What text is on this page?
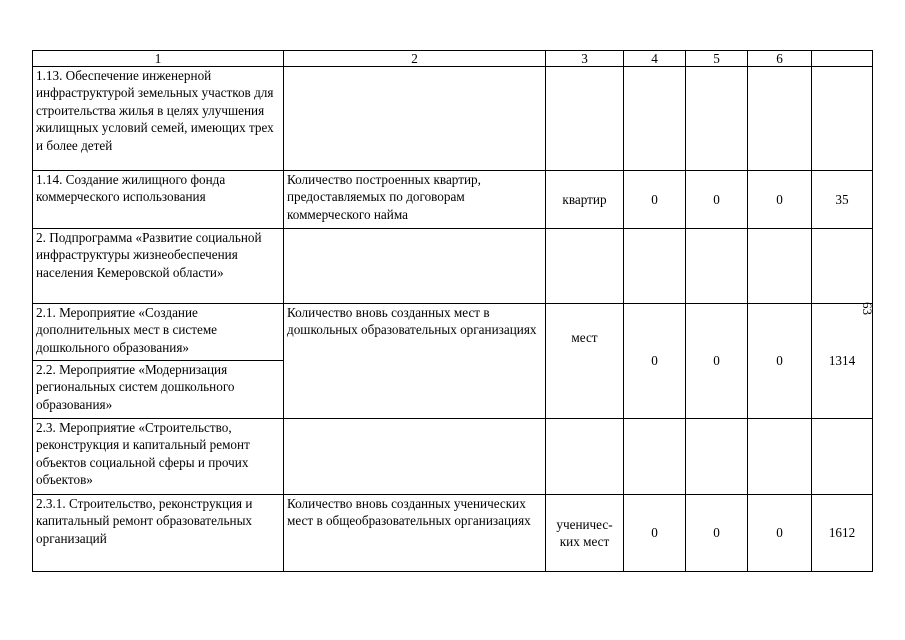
1	2	3	4	5	6	
1.13. Обеспечение инженерной инфраструктурой земельных участков для строительства жилья в целях улучшения жилищных условий семей, имеющих трех и более детей						
1.14. Создание жилищного фонда коммерческого использования	Количество построенных квартир, предоставляемых по договорам коммерческого найма	квартир	0	0	0	35
2. Подпрограмма «Развитие социальной инфраструктуры жизнеобеспечения населения Кемеровской области»						
2.1. Мероприятие «Создание дополнительных мест в системе дошкольного образования»	Количество вновь созданных мест в дошкольных образовательных организациях	мест	0	0	0	1314
2.2. Мероприятие «Модернизация региональных систем дошкольного образования»						
2.3. Мероприятие «Строительство, реконструкция и капитальный ремонт объектов социальной сферы и прочих объектов»						
2.3.1. Строительство, реконструкция и капитальный ремонт образовательных организаций	Количество вновь созданных ученических мест в общеобразовательных организациях	ученичес-ких мест	0	0	0	1612
63
